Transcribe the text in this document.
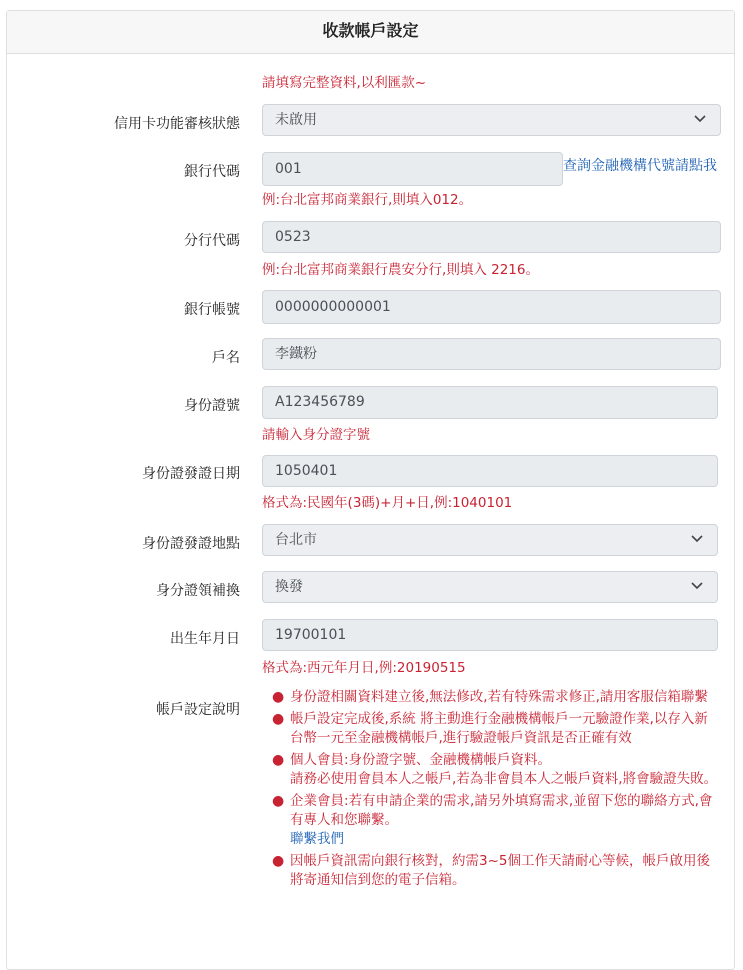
收款帳戶設定
請填寫完整資料,以利匯款~
信用卡功能審核狀態	未啟用
銀行代碼	001	查詢金融機構代號請點我
例:台北富邦商業銀行,則填入012。
分行代碼	0523
例:台北富邦商業銀行農安分行,則填入 2216。
銀行帳號	0000000000001
戶名	李鐵粉
身份證號	A123456789
請輸入身分證字號
身份證發證日期	1050401
格式為:民國年(3碼)+月+日,例:1040101
身份證發證地點	台北市
身分證領補換	換發
出生年月日	19700101
格式為:西元年月日,例:20190515
帳戶設定說明
● 身份證相關資料建立後,無法修改,若有特殊需求修正,請用客服信箱聯繫
● 帳戶設定完成後,系統 將主動進行金融機構帳戶一元驗證作業,以存入新台幣一元至金融機構帳戶,進行驗證帳戶資訊是否正確有效
● 個人會員:身份證字號、金融機構帳戶資料。
請務必使用會員本人之帳戶,若為非會員本人之帳戶資料,將會驗證失敗。
● 企業會員:若有申請企業的需求,請另外填寫需求,並留下您的聯絡方式,會有專人和您聯繫。
聯繫我們
● 因帳戶資訊需向銀行核對，約需3~5個工作天請耐心等候，帳戶啟用後將寄通知信到您的電子信箱。
